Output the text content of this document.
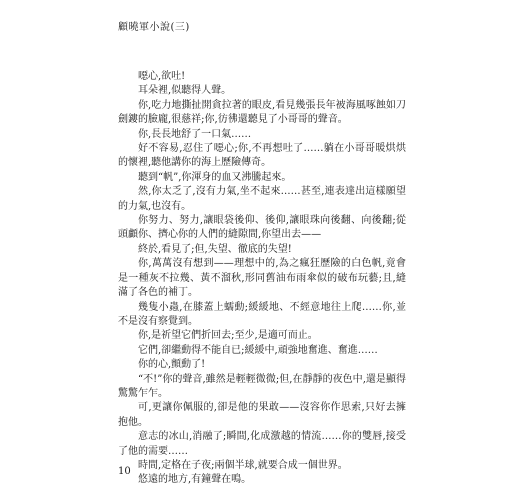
顧曉軍小說(三)

噁心,欲吐!

耳朵裡,似聽得人聲。

你,吃力地撕扯開貪拉著的眼皮,看見幾張長年被海風啄蝕如刀劍鏤的臉龐,很慈祥;你,彷彿還聽見了小哥哥的聲音。

你,長長地舒了一口氣……

好不容易,忍住了噁心;你,不再想吐了……躺在小哥哥暖烘烘的懷裡,聽他講你的海上歷險傳奇。

聽到“帆”,你渾身的血又沸騰起來。

然,你太乏了,沒有力氣,坐不起來……甚至,連表達出這樣願望的力氣,也沒有。

你努力、努力,讓眼袋後仰、後仰,讓眼珠向後翻、向後翻;從頭顱你、擠心你的人們的縫隙間,你望出去——

終於,看見了;但,失望、徹底的失望!

你,萬萬沒有想到——理想中的,為之瘋狂歷險的白色帆,竟會是一種灰不拉幾、黃不溜秋,形同舊油布雨傘似的破布玩藝;且,縫滿了各色的補丁。

幾隻小蟲,在膝蓋上蠕動;緩緩地、不經意地往上爬……你,並不是沒有察覺到。

你,是祈望它們折回去;至少,是適可而止。

它們,卻繼動得不能自已;緩緩中,頑強地奮進、奮進……

你的心,顫動了!

“不!”你的聲音,雖然是輕輕微微;但,在靜靜的夜色中,還是顯得驚驚乍乍。

可,更讓你佩服的,卻是他的果敢——沒容你作思索,只好去擁抱他。

意志的冰山,消融了;瞬間,化成激越的情流……你的雙唇,接受了他的需要……

時間,定格在子夜;兩個半球,就要合成一個世界。

悠遠的地方,有鐘聲在鳴。

10
